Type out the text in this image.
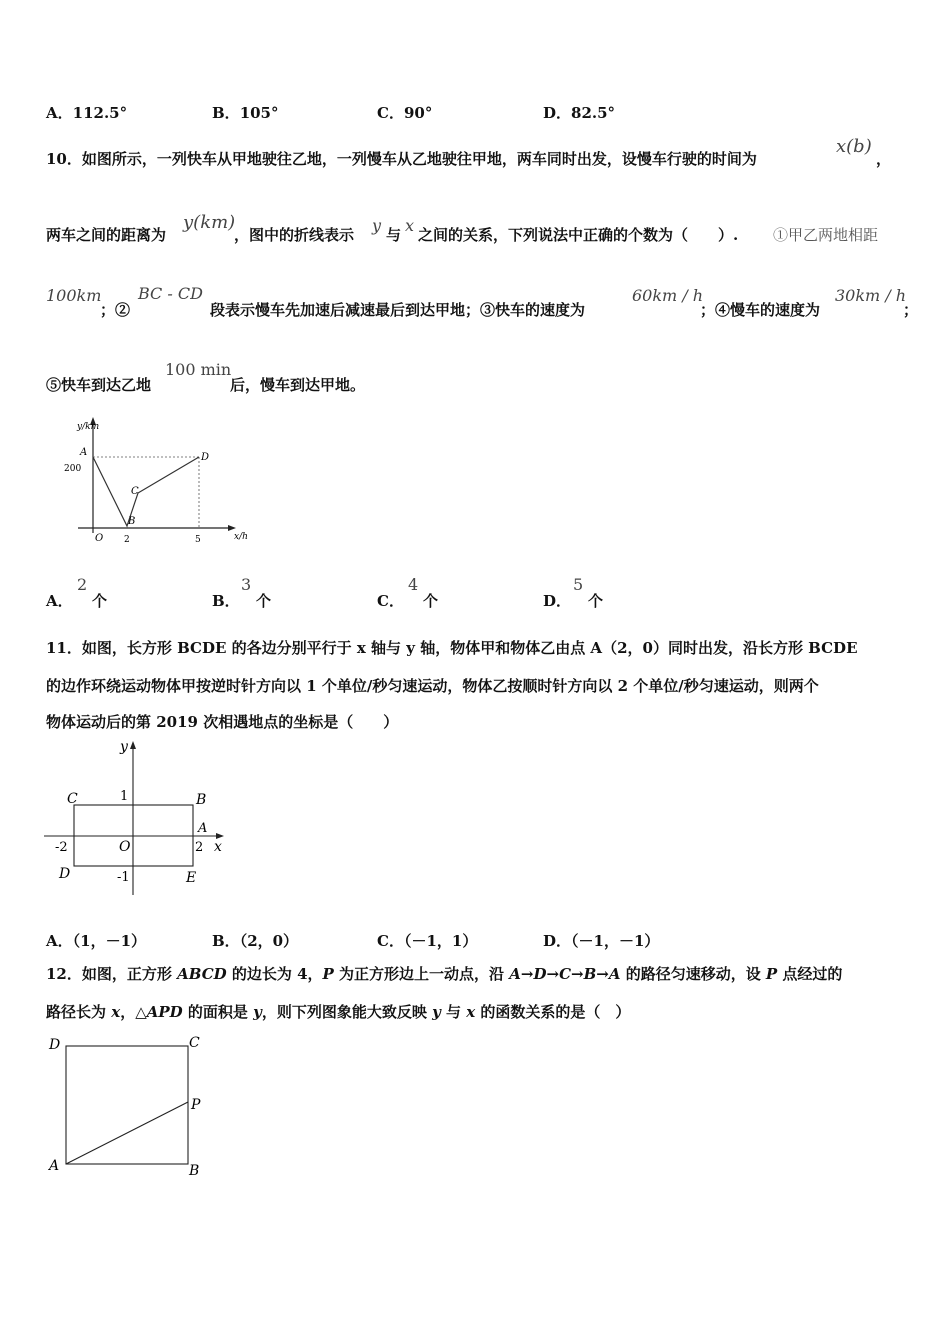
A．112.5°	B．105°	C．90°	D．82.5°
10．如图所示，一列快车从甲地驶往乙地，一列慢车从乙地驶往甲地，两车同时出发，设慢车行驶的时间为
x(b)
，
两车之间的距离为
y(km)
，图中的折线表示 y 与 x 之间的关系，下列说法中正确的个数为（　　）. ①甲乙两地相距
100km
；②
BC - CD
段表示慢车先加速后减速最后到达甲地；③快车的速度为
60km / h
；④慢车的速度为
30km / h
；
⑤快车到达乙地
100 min
后，慢车到达甲地。
y/km
x/h
200
O 2	5
A
B
C
D
A．
2
个	B．
3
个	C．
4
个	D．
5
个
11．如图，长方形 BCDE 的各边分别平行于 x 轴与 y 轴，物体甲和物体乙由点 A（2，0）同时出发，沿长方形 BCDE
的边作环绕运动物体甲按逆时针方向以 1 个单位/秒匀速运动，物体乙按顺时针方向以 2 个单位/秒匀速运动，则两个
物体运动后的第 2019 次相遇地点的坐标是（　　）
y
x
1
-1
-2	2
O
B
C
D	E
A
A．（1，－1）	B．（2，0）	C．（－1，1）	D．（－1，－1）
12．如图，正方形 ABCD 的边长为 4，P 为正方形边上一动点，沿 A→D→C→B→A 的路径匀速移动，设 P 点经过的
路径长为 x，△APD 的面积是 y，则下列图象能大致反映 y 与 x 的函数关系的是（　）
D	C
P
A	B
